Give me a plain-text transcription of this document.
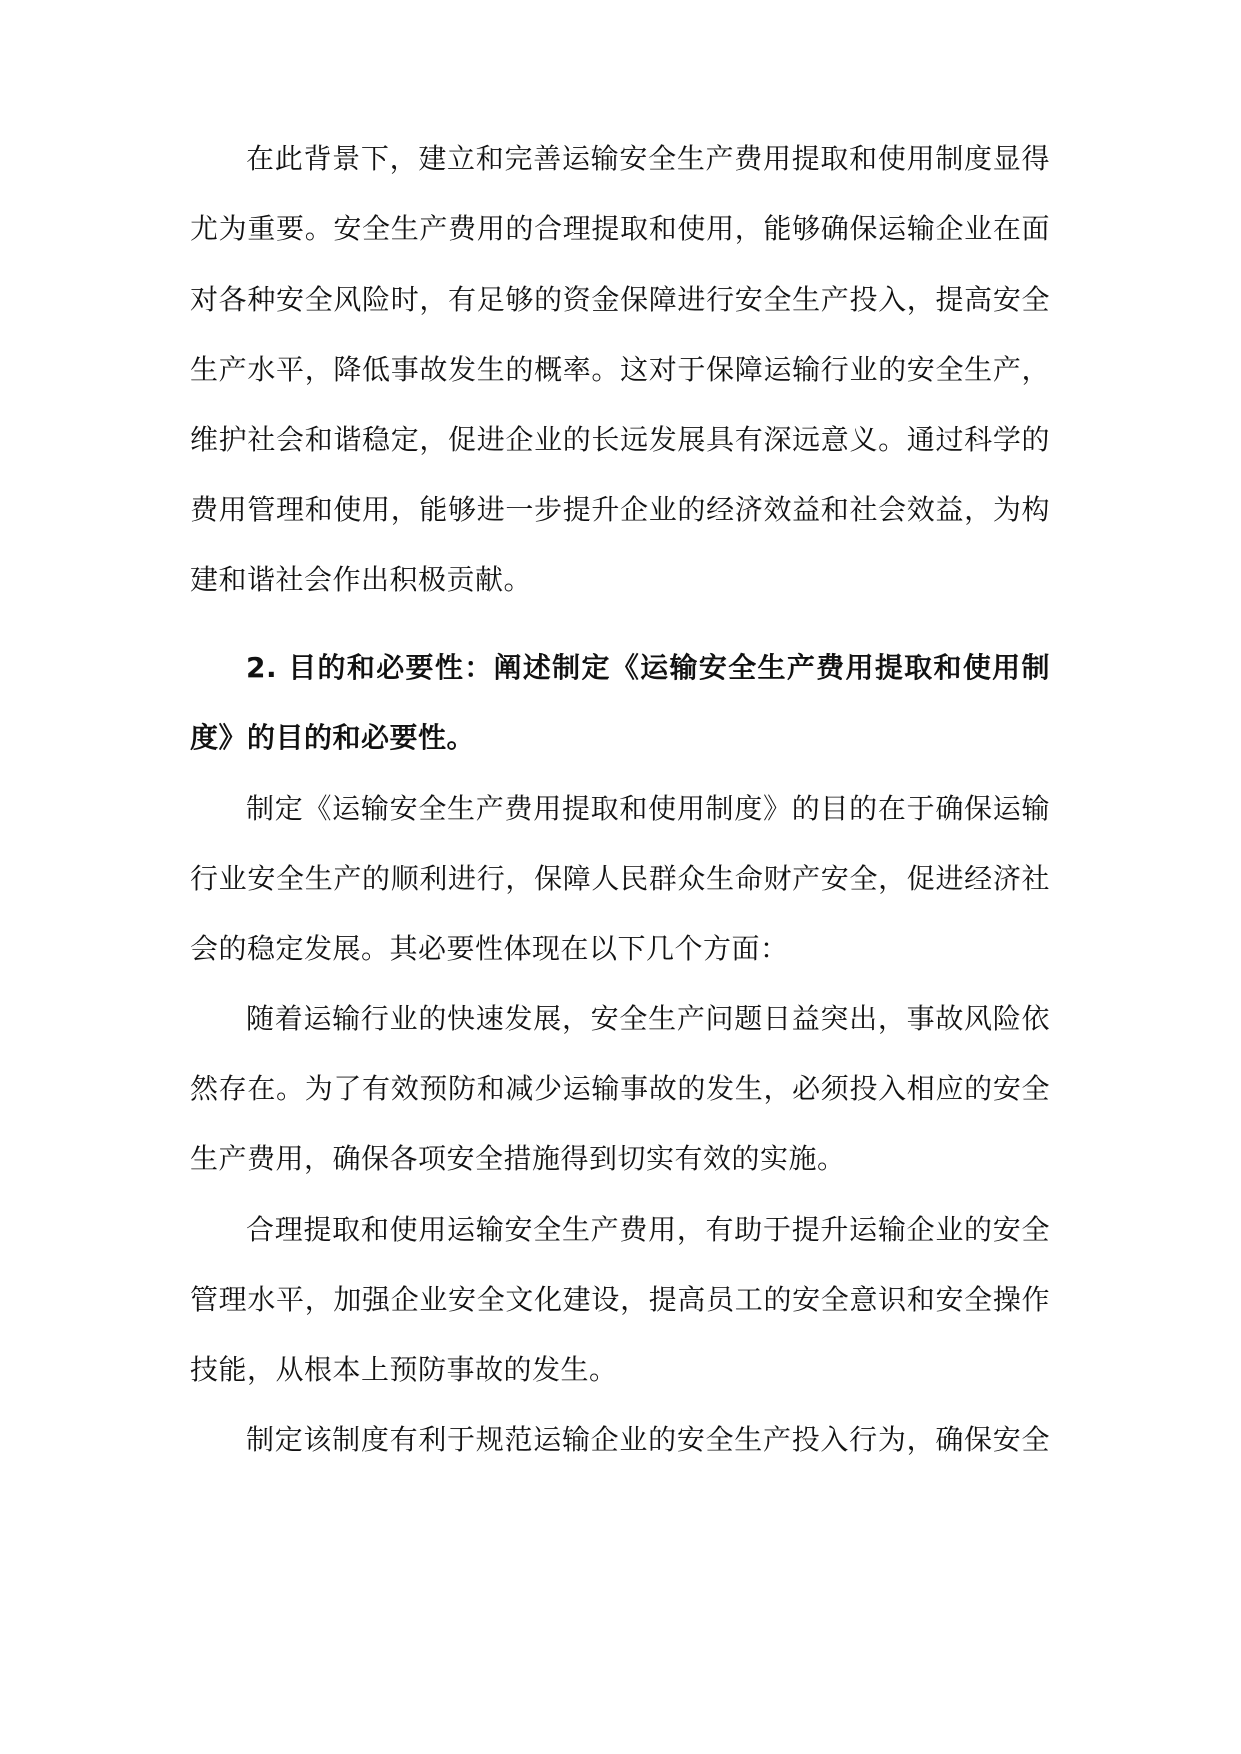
在此背景下，建立和完善运输安全生产费用提取和使用制度显得
尤为重要。安全生产费用的合理提取和使用，能够确保运输企业在面
对各种安全风险时，有足够的资金保障进行安全生产投入，提高安全
生产水平，降低事故发生的概率。这对于保障运输行业的安全生产，
维护社会和谐稳定，促进企业的长远发展具有深远意义。通过科学的
费用管理和使用，能够进一步提升企业的经济效益和社会效益，为构
建和谐社会作出积极贡献。
2. 目的和必要性：阐述制定《运输安全生产费用提取和使用制
度》的目的和必要性。
制定《运输安全生产费用提取和使用制度》的目的在于确保运输
行业安全生产的顺利进行，保障人民群众生命财产安全，促进经济社
会的稳定发展。其必要性体现在以下几个方面：
随着运输行业的快速发展，安全生产问题日益突出，事故风险依
然存在。为了有效预防和减少运输事故的发生，必须投入相应的安全
生产费用，确保各项安全措施得到切实有效的实施。
合理提取和使用运输安全生产费用，有助于提升运输企业的安全
管理水平，加强企业安全文化建设，提高员工的安全意识和安全操作
技能，从根本上预防事故的发生。
制定该制度有利于规范运输企业的安全生产投入行为，确保安全
